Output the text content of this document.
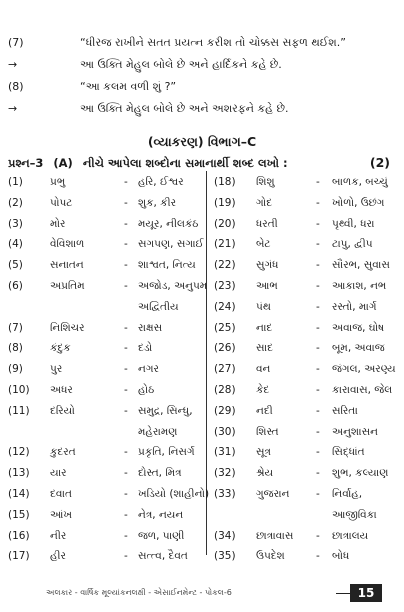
(7)	“ધીરજ રાખીને સતત પ્રયત્ન કરીશ તો ચોક્કસ સફળ થઈશ.”
→	આ ઉક્તિ મેહુલ બોલે છે અને હાર્દિકને કહે છે.
(8)	“આ કલમ વળી શું ?”
→	આ ઉક્તિ મેહુલ બોલે છે અને અશરફને કહે છે.
(વ્યાકરણ) વિભાગ–C
પ્રશ્ન–3 (A) નીચે આપેલા શબ્દોના સમાનાર્થી શબ્દ લખો :	(2)
(1)	પ્રભુ	- હરિ, ઈશ્વર
(2)	પોપટ	- શુક, કીર
(3)	મોર	- મયૂર, નીલકંઠ
(4)	વેવિશાળ	- સગપણ, સગાઈ
(5)	સનાતન	- શાશ્વત, નિત્ય
(6)	અપ્રતિમ	- અજોડ, અનુપમ
અદ્વિતીય
(7)	નિશિચર	- રાક્ષસ
(8)	કંદુક	- દડો
(9)	પુર	- નગર
(10) અધર	- હોઠ
(11) દરિયો	- સમુદ્ર, સિન્ધુ,
મહેરામણ
(12) કુદરત	- પ્રકૃતિ, નિસર્ગ
(13) યાર	- દોસ્ત, મિત્ર
(14) દવાત	- ખડિયો (શાહીનો)
(15) આંખ	- નેત્ર, નયન
(16) નીર	- જળ, પાણી
(17) હીર	- સત્ત્વ, દૈવત
(18) શિશુ	- બાળક, બચ્ચું
(19) ગોદ	- ખોળો, ઉછંગ
(20) ધરતી	- પૃથ્વી, ધરા
(21) બેટ	- ટાપુ, દ્વીપ
(22) સુગંધ	- સૌરભ, સુવાસ
(23) આભ	- આકાશ, નભ
(24) પંથ	- રસ્તો, માર્ગ
(25) નાદ	- અવાજ, ઘોષ
(26) સાદ	- બૂમ, અવાજ
(27) વન	- જંગલ, અરણ્ય
(28) કેદ	- કારાવાસ, જેલ
(29) નદી	- સરિતા
(30) શિસ્ત	- અનુશાસન
(31) સૂત્ર	- સિદ્ધાંત
(32) શ્રેય	- શુભ, કલ્યાણ
(33) ગુજરાન	- નિર્વાહ,
આજીવિકા
(34) છાત્રાવાસ - છાત્રાલય
(35) ઉપદેશ	- બોધ
અલકાર - વાર્ષિક મૂલ્યાંકનલક્ષી - એસાઈનમેન્ટ - પોકલ-6	15
